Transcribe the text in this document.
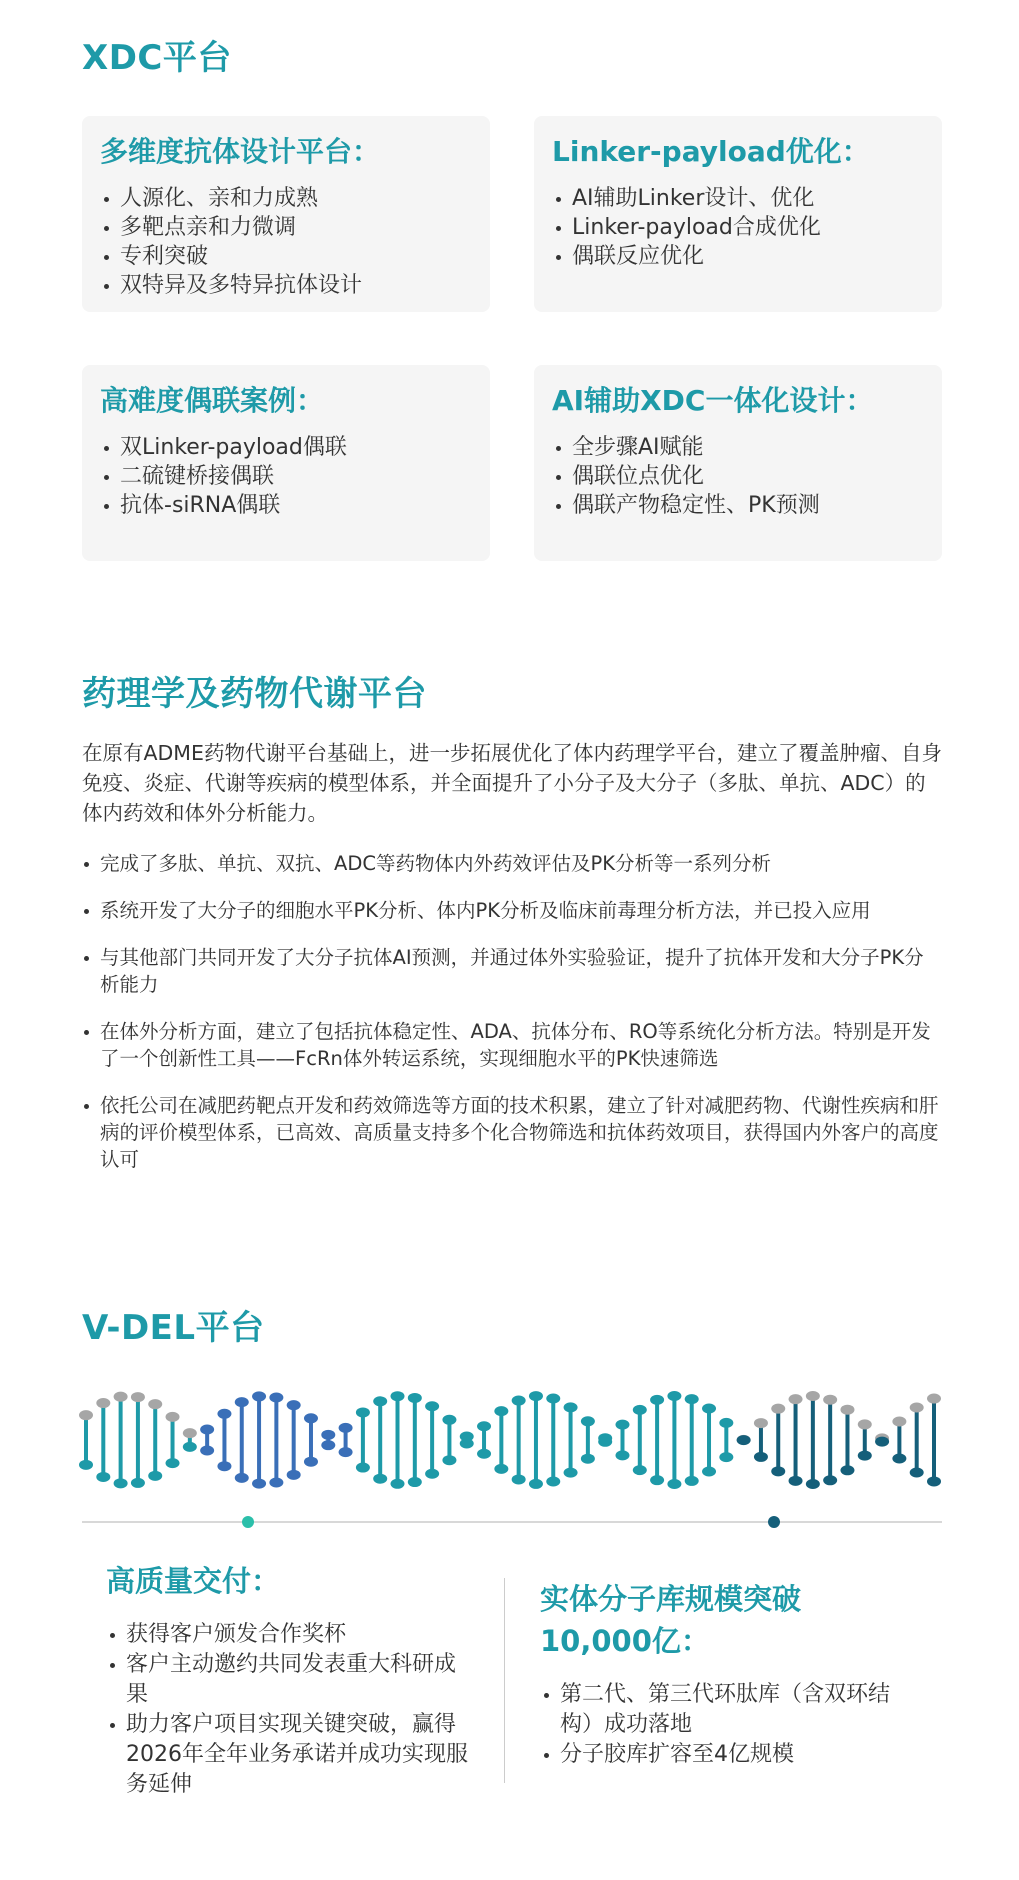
XDC平台
多维度抗体设计平台：
人源化、亲和力成熟
多靶点亲和力微调
专利突破
双特异及多特异抗体设计
Linker-payload优化：
AI辅助Linker设计、优化
Linker-payload合成优化
偶联反应优化
高难度偶联案例：
双Linker-payload偶联
二硫键桥接偶联
抗体-siRNA偶联
AI辅助XDC一体化设计：
全步骤AI赋能
偶联位点优化
偶联产物稳定性、PK预测
药理学及药物代谢平台

在原有ADME药物代谢平台基础上，进一步拓展优化了体内药理学平台，建立了覆盖肿瘤、自身免疫、炎症、代谢等疾病的模型体系，并全面提升了小分子及大分子（多肽、单抗、ADC）的体内药效和体外分析能力。

完成了多肽、单抗、双抗、ADC等药物体内外药效评估及PK分析等一系列分析
系统开发了大分子的细胞水平PK分析、体内PK分析及临床前毒理分析方法，并已投入应用
与其他部门共同开发了大分子抗体AI预测，并通过体外实验验证，提升了抗体开发和大分子PK分析能力
在体外分析方面，建立了包括抗体稳定性、ADA、抗体分布、RO等系统化分析方法。特别是开发了一个创新性工具——FcRn体外转运系统，实现细胞水平的PK快速筛选
依托公司在减肥药靶点开发和药效筛选等方面的技术积累，建立了针对减肥药物、代谢性疾病和肝病的评价模型体系，已高效、高质量支持多个化合物筛选和抗体药效项目，获得国内外客户的高度认可
V-DEL平台
高质量交付：
获得客户颁发合作奖杯
客户主动邀约共同发表重大科研成果
助力客户项目实现关键突破，赢得2026年全年业务承诺并成功实现服务延伸
实体分子库规模突破
10,000亿：
第二代、第三代环肽库（含双环结构）成功落地
分子胶库扩容至4亿规模
